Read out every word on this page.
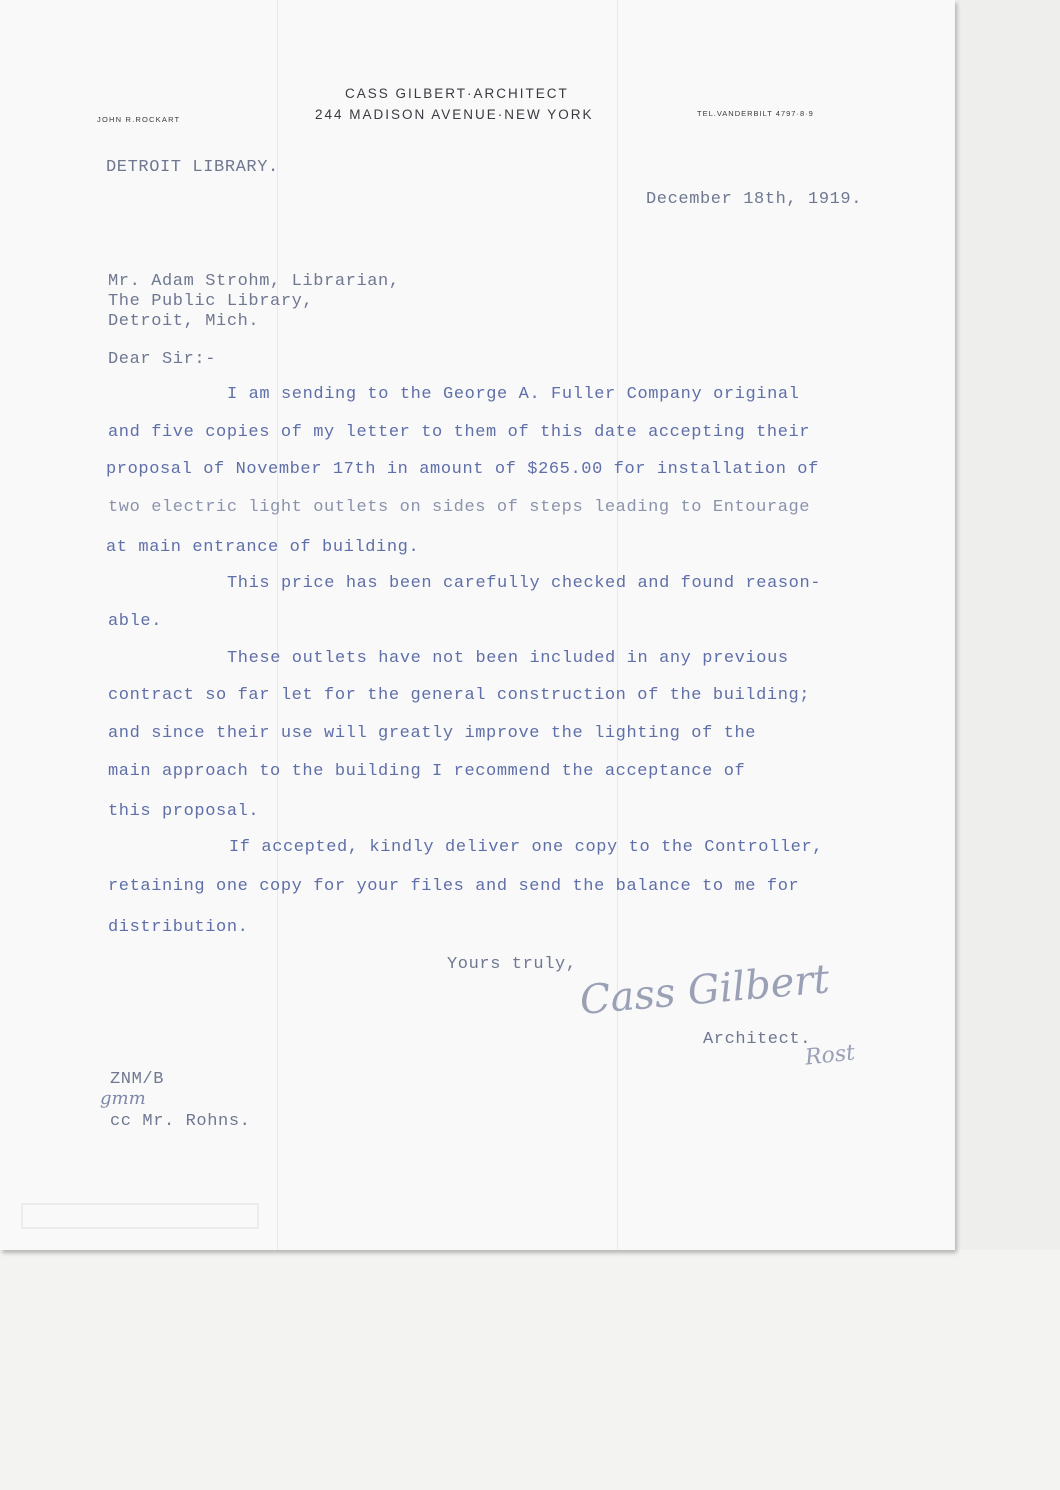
CASS GILBERT·ARCHITECT
244 MADISON AVENUE·NEW YORK
JOHN R.ROCKART
TEL.VANDERBILT 4797·8·9
DETROIT LIBRARY.
December 18th, 1919.
Mr. Adam Strohm, Librarian,
The Public Library,
Detroit, Mich.
Dear Sir:-
I am sending to the George A. Fuller Company original
and five copies of my letter to them of this date accepting their
proposal of November 17th in amount of $265.00 for installation of
two electric light outlets on sides of steps leading to Entourage
at main entrance of building.
This price has been carefully checked and found reason-
able.
These outlets have not been included in any previous
contract so far let for the general construction of the building;
and since their use will greatly improve the lighting of the
main approach to the building I recommend the acceptance of
this proposal.
If accepted, kindly deliver one copy to the Controller,
retaining one copy for your files and send the balance to me for
distribution.
Yours truly, Cass Gilbert
Architect.
Rost
ZNM/B
gmm
cc Mr. Rohns.
